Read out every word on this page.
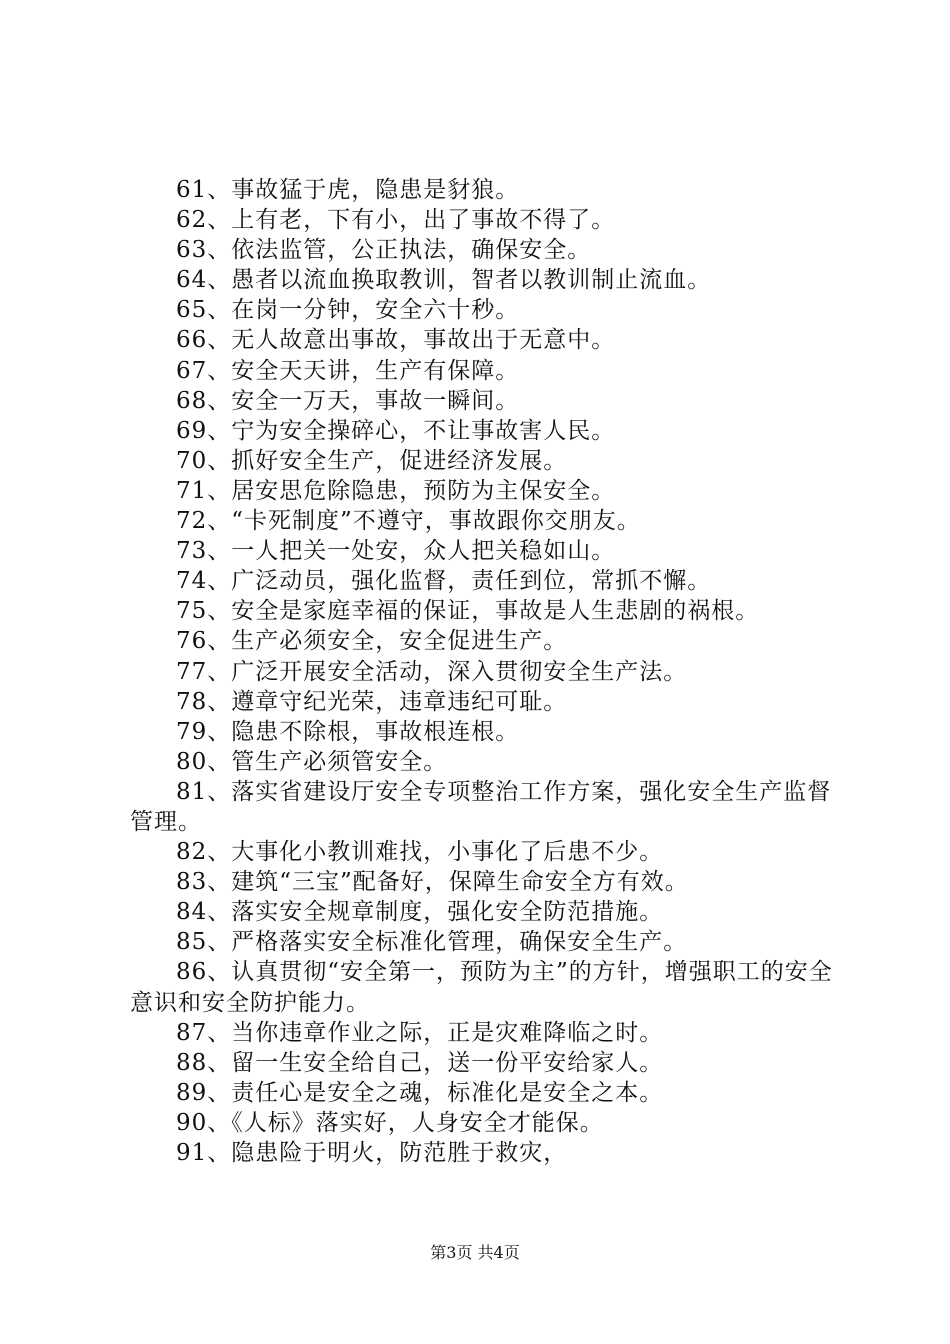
61、事故猛于虎，隐患是豺狼。

62、上有老，下有小，出了事故不得了。

63、依法监管，公正执法，确保安全。

64、愚者以流血换取教训，智者以教训制止流血。

65、在岗一分钟，安全六十秒。

66、无人故意出事故，事故出于无意中。

67、安全天天讲，生产有保障。

68、安全一万天，事故一瞬间。

69、宁为安全操碎心，不让事故害人民。

70、抓好安全生产，促进经济发展。

71、居安思危除隐患，预防为主保安全。

72、“卡死制度”不遵守，事故跟你交朋友。

73、一人把关一处安，众人把关稳如山。

74、广泛动员，强化监督，责任到位，常抓不懈。

75、安全是家庭幸福的保证，事故是人生悲剧的祸根。

76、生产必须安全，安全促进生产。

77、广泛开展安全活动，深入贯彻安全生产法。

78、遵章守纪光荣，违章违纪可耻。

79、隐患不除根，事故根连根。

80、管生产必须管安全。

81、落实省建设厅安全专项整治工作方案，强化安全生产监督管理。

82、大事化小教训难找，小事化了后患不少。

83、建筑“三宝”配备好，保障生命安全方有效。

84、落实安全规章制度，强化安全防范措施。

85、严格落实安全标准化管理，确保安全生产。

86、认真贯彻“安全第一，预防为主”的方针，增强职工的安全意识和安全防护能力。

87、当你违章作业之际，正是灾难降临之时。

88、留一生安全给自己，送一份平安给家人。

89、责任心是安全之魂，标准化是安全之本。

90、《人标》落实好，人身安全才能保。

91、隐患险于明火，防范胜于救灾，

第3页 共4页
